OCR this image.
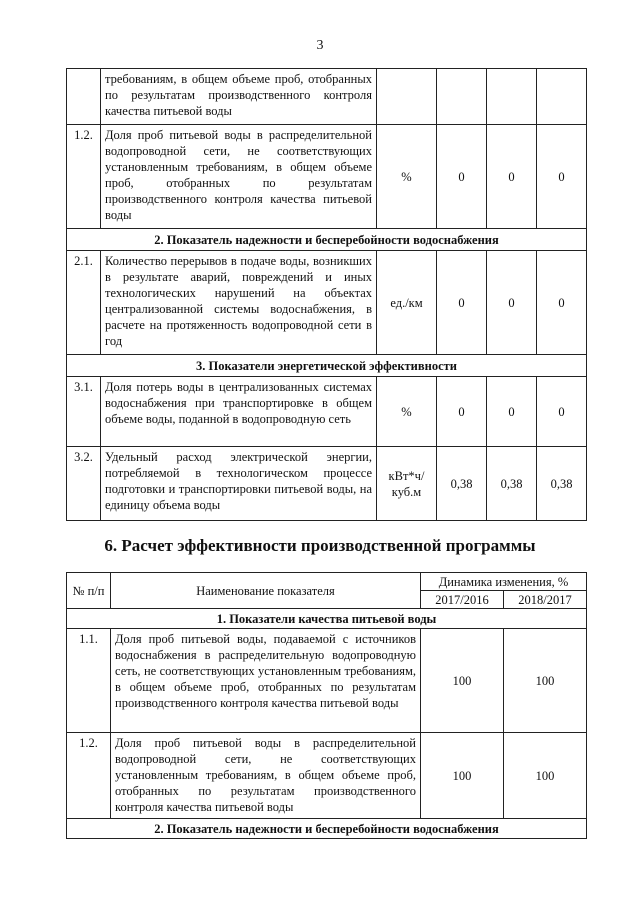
3
	требованиям, в общем объеме проб, отобранных по результатам производственного контроля качества питьевой воды				
1.2.	Доля проб питьевой воды в распределительной водопроводной сети, не соответствующих установленным требованиям, в общем объеме проб, отобранных по результатам производственного контроля качества питьевой воды	%	0	0	0
2. Показатель надежности и бесперебойности водоснабжения					
2.1.	Количество перерывов в подаче воды, возникших в результате аварий, повреждений и иных технологических нарушений на объектах централизованной системы водоснабжения, в расчете на протяженность водопроводной сети в год	ед./км	0	0	0
3. Показатели энергетической эффективности					
3.1.	Доля потерь воды в централизованных системах водоснабжения при транспортировке в общем объеме воды, поданной в водопроводную сеть	%	0	0	0
3.2.	Удельный расход электрической энергии, потребляемой в технологическом процессе подготовки и транспортировки питьевой воды, на единицу объема воды	кВт*ч/ куб.м	0,38	0,38	0,38
6. Расчет эффективности производственной программы
№ п/п	Наименование показателя	Динамика изменения, %	
		2017/2016	2018/2017
1. Показатели качества питьевой воды			
1.1.	Доля проб питьевой воды, подаваемой с источников водоснабжения в распределительную водопроводную сеть, не соответствующих установленным требованиям, в общем объеме проб, отобранных по результатам производственного контроля качества питьевой воды	100	100
1.2.	Доля проб питьевой воды в распределительной водопроводной сети, не соответствующих установленным требованиям, в общем объеме проб, отобранных по результатам производственного контроля качества питьевой воды	100	100
2. Показатель надежности и бесперебойности водоснабжения			
